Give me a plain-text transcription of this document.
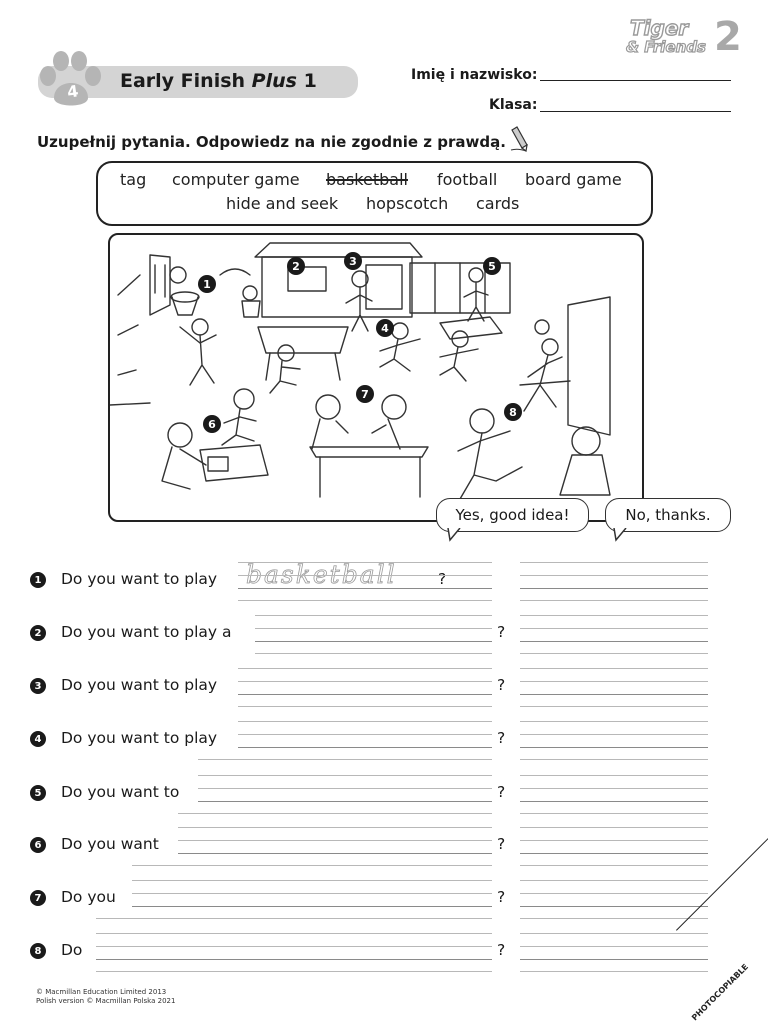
4	Early Finish Plus 1
Tiger
& Friends 2
Imię i nazwisko:
Klasa:
Uzupełnij pytania. Odpowiedz na nie zgodnie z prawdą.
tag computer game basketball football board game
hide and seek hopscotch cards
1
2	3
4
5
6
7
8
Yes, good idea!	No, thanks.
1 Do you want to play basketball	?
2 Do you want to play a	?
3 Do you want to play	?
4 Do you want to play	?
5 Do you want to	?
6 Do you want	?
7 Do you	?
8 Do	?
© Macmillan Education Limited 2013
Polish version © Macmillan Polska 2021	PHOTOCOPIABLE
